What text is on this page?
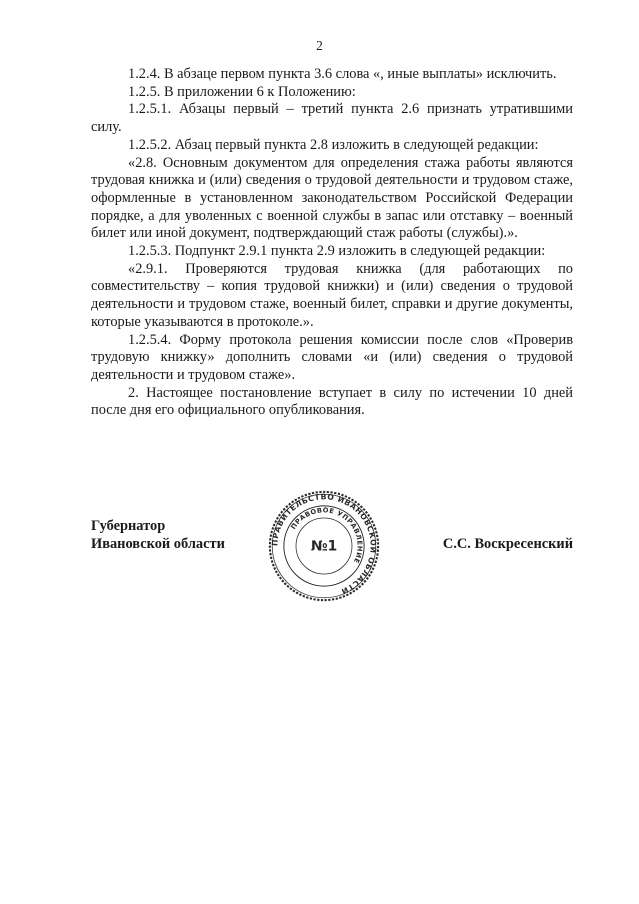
2

1.2.4. В абзаце первом пункта 3.6 слова «, иные выплаты» исключить.

1.2.5. В приложении 6 к Положению:

1.2.5.1. Абзацы первый – третий пункта 2.6 признать утратившими силу.

1.2.5.2. Абзац первый пункта 2.8 изложить в следующей редакции:

«2.8. Основным документом для определения стажа работы являются трудовая книжка и (или) сведения о трудовой деятельности и трудовом стаже, оформленные в установленном законодательством Российской Федерации порядке, а для уволенных с военной службы в запас или отставку – военный билет или иной документ, подтверждающий стаж работы (службы).».

1.2.5.3. Подпункт 2.9.1 пункта 2.9 изложить в следующей редакции:

«2.9.1. Проверяются трудовая книжка (для работающих по совместительству – копия трудовой книжки) и (или) сведения о трудовой деятельности и трудовом стаже, военный билет, справки и другие документы, которые указываются в протоколе.».

1.2.5.4. Форму протокола решения комиссии после слов «Проверив трудовую книжку» дополнить словами «и (или) сведения о трудовой деятельности и трудовом стаже».

2. Настоящее постановление вступает в силу по истечении 10 дней после дня его официального опубликования.

Губернатор
Ивановской области	С.С. Воскресенский
ПРАВИТЕЛЬСТВО ИВАНОВСКОЙ ОБЛАСТИ
ПРАВОВОЕ УПРАВЛЕНИЕ
№1
